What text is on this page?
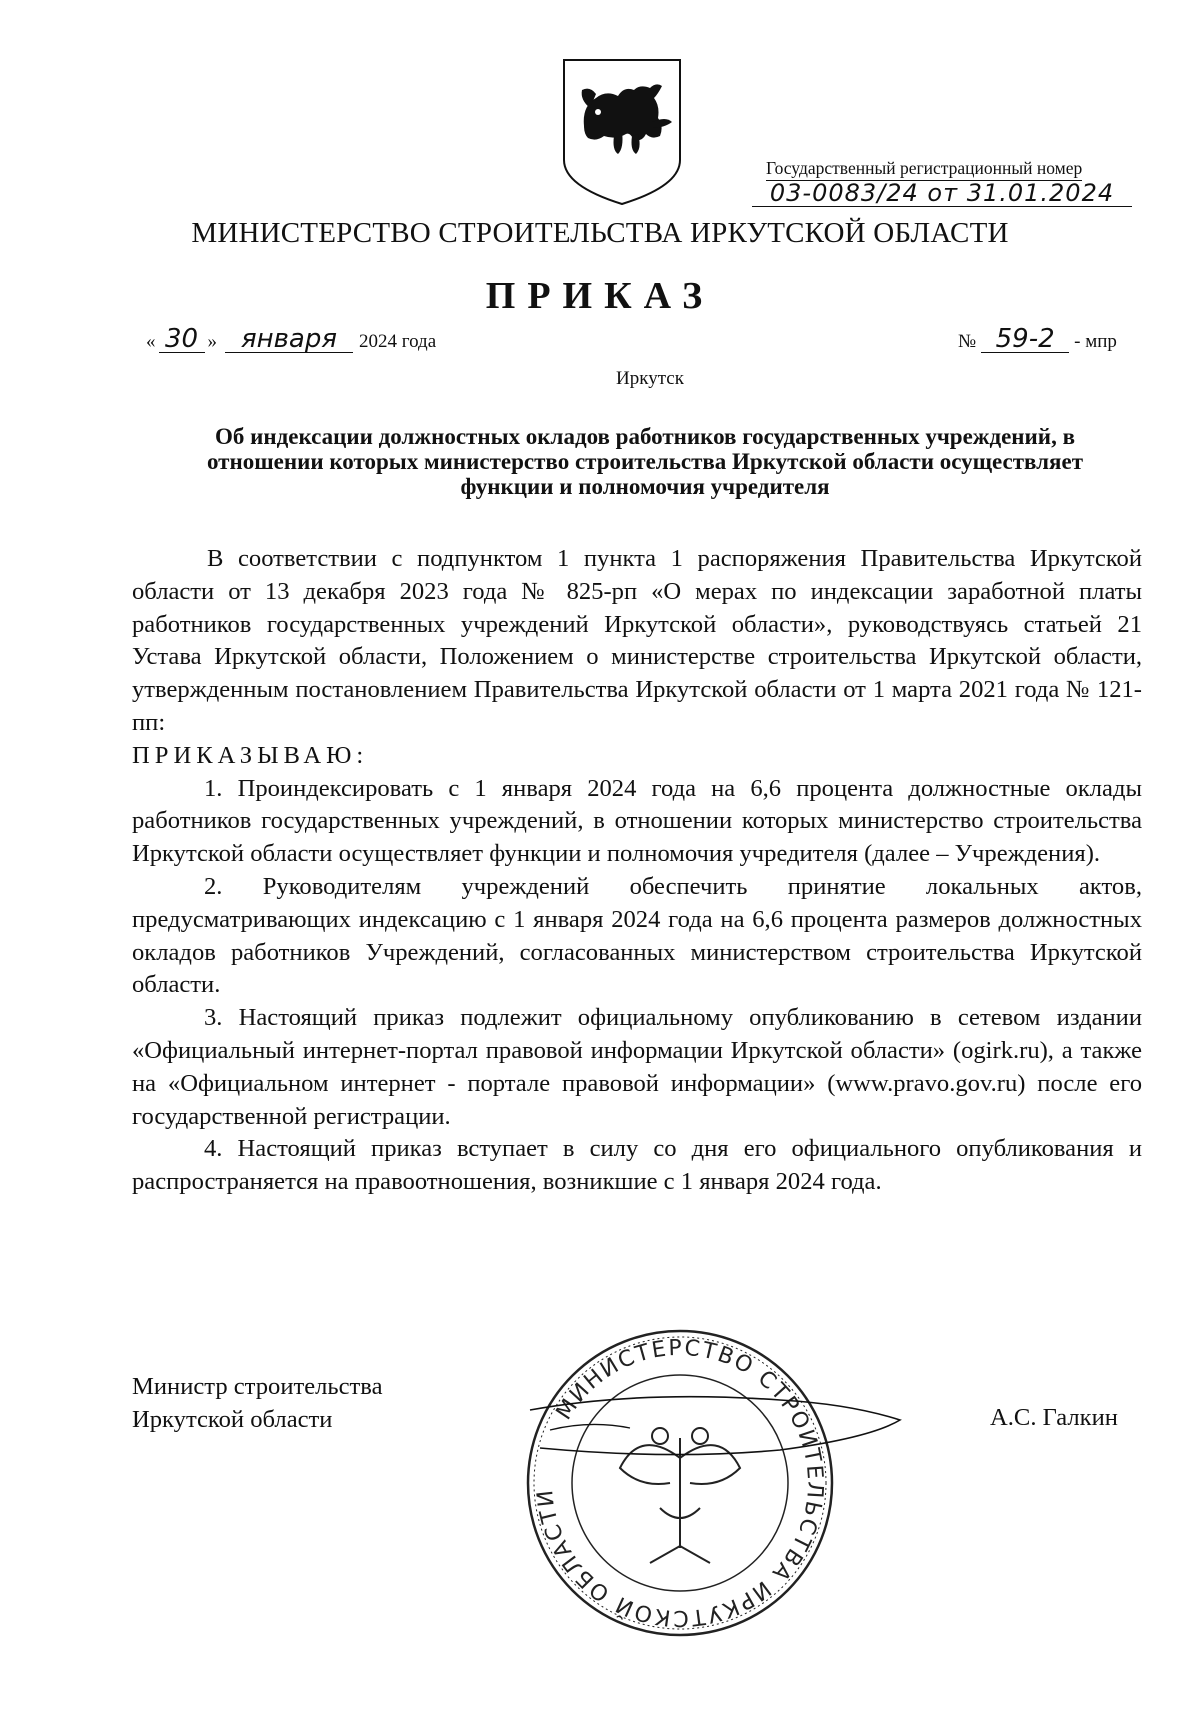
Государственный регистрационный номер
03-0083/24 от 31.01.2024
МИНИСТЕРСТВО СТРОИТЕЛЬСТВА ИРКУТСКОЙ ОБЛАСТИ
ПРИКАЗ
« 30 » января 2024 года	№ 59-2 - мпр
Иркутск
Об индексации должностных окладов работников государственных учреждений, в отношении которых министерство строительства Иркутской области осуществляет функции и полномочия учредителя

В соответствии с подпунктом 1 пункта 1 распоряжения Правительства Иркутской области от 13 декабря 2023 года № 825-рп «О мерах по индексации заработной платы работников государственных учреждений Иркутской области», руководствуясь статьей 21 Устава Иркутской области, Положением о министерстве строительства Иркутской области, утвержденным постановлением Правительства Иркутской области от 1 марта 2021 года № 121-пп:

ПРИКАЗЫВАЮ:

1. Проиндексировать с 1 января 2024 года на 6,6 процента должностные оклады работников государственных учреждений, в отношении которых министерство строительства Иркутской области осуществляет функции и полномочия учредителя (далее – Учреждения).

2. Руководителям учреждений обеспечить принятие локальных актов, предусматривающих индексацию с 1 января 2024 года на 6,6 процента размеров должностных окладов работников Учреждений, согласованных министерством строительства Иркутской области.

3. Настоящий приказ подлежит официальному опубликованию в сетевом издании «Официальный интернет-портал правовой информации Иркутской области» (ogirk.ru), а также на «Официальном интернет - портале правовой информации» (www.pravo.gov.ru) после его государственной регистрации.

4. Настоящий приказ вступает в силу со дня его официального опубликования и распространяется на правоотношения, возникшие с 1 января 2024 года.

Министр строительства
Иркутской области	МИНИСТЕРСТВО СТРОИТЕЛЬСТВА ИРКУТСКОЙ ОБЛАСТИ
А.С. Галкин
